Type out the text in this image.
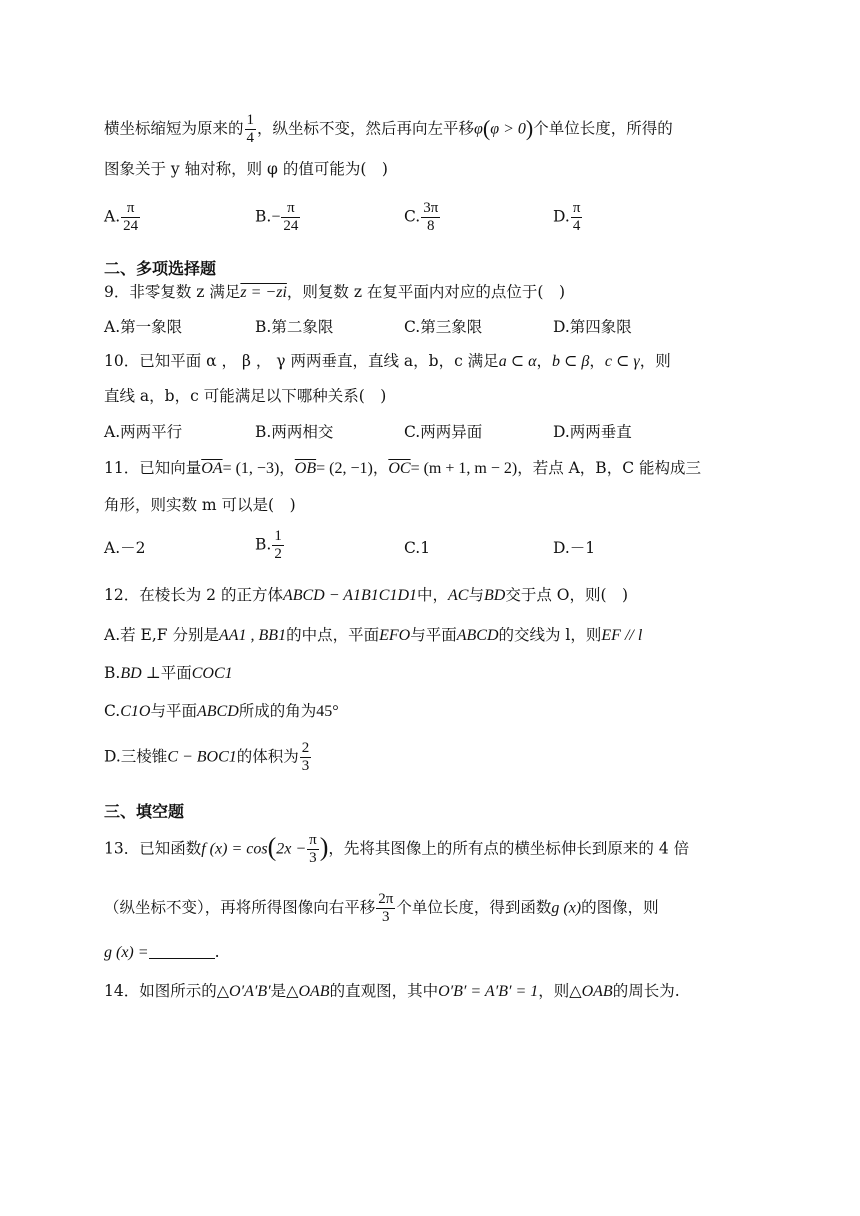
横坐标缩短为原来的 $\frac{1}{4}$ ，纵坐标不变，然后再向左平移φ(φ > 0)个单位长度，所得的
图象关于 y 轴对称，则 φ 的值可能为(　)
A. $\frac{\pi}{24}$	$B.- \frac{\pi}{24}$	C. $\frac{3\pi}{8}$	D. $\frac{\pi}{4}$
二、多项选择题
9．非零复数 z 满足z = −zi，则复数 z 在复平面内对应的点位于(　)
A.第一象限	B.第二象限	C.第三象限	D.第四象限
10．已知平面 α ， β ， γ 两两垂直，直线 a，b，c 满足a ⊂ α，b ⊂ β，c ⊂ γ，则
直线 a，b，c 可能满足以下哪种关系(　)
A.两两平行	B.两两相交	C.两两异面	D.两两垂直
11．已知向量$\overline{OA}= (1$, −3)，$\overline{OB}= (2$, −1)，$\overline{OC}= (m + 1$, m − 2)，若点 A，B，C 能构成三
角形，则实数 m 可以是(　)
A.－2	B. $\frac{1}{2}$	C.1	D.－1
12．在棱长为 2 的正方体ABCD − A1B1C1D1中，AC与BD交于点 O，则(　)
A.若 E,F 分别是AA1 , BB1的中点，平面EFO与平面ABCD的交线为 l，则EF // l
B.BD ⊥平面COC1
C.C1O与平面ABCD所成的角为45°
D.三棱锥C − BOC1的体积为 $\frac{2}{3}$
三、填空题
13．已知函数f $(x) = \cos(2x - \frac{\pi}{3}$ )，先将其图像上的所有点的横坐标伸长到原来的 4 倍
（纵坐标不变），再将所得图像向右平移 $\frac{2\pi}{3}$ 个单位长度，得到函数g (x)的图像，则
g (x) =	.
14．如图所示的△O′A′B′是△OAB的直观图，其中O′B′ = A′B′ = 1，则△OAB的周长为.
